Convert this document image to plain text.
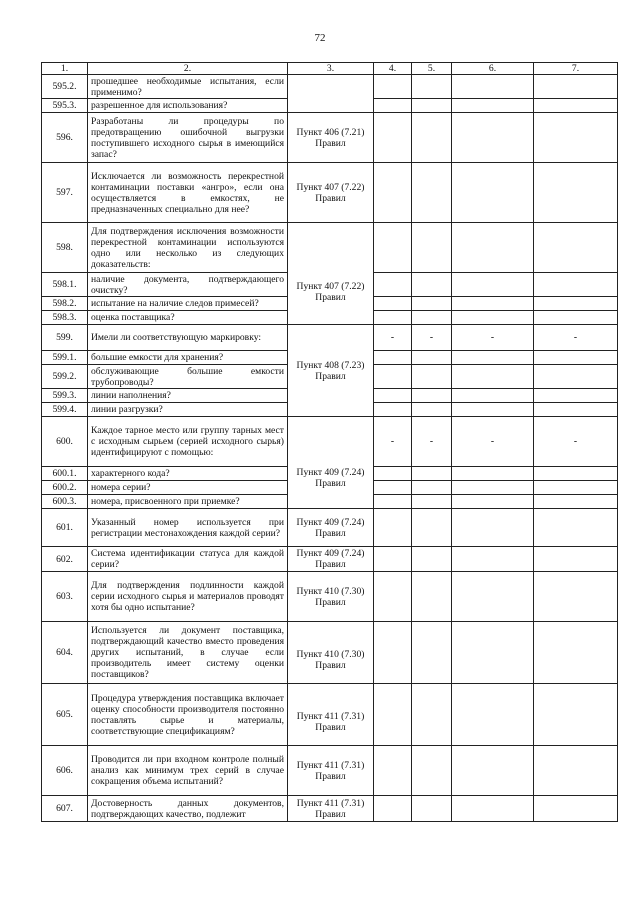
72
1.	2.	3.	4.	5.	6.	7.
595.2.	прошедшее необходимые испытания, если применимо?					
595.3.	разрешенное для использования?					
596.	Разработаны ли процедуры по предотвращению ошибочной выгрузки поступившего исходного сырья в имеющийся запас?	Пункт 406 (7.21) Правил				
597.	Исключается ли возможность перекрестной контаминации поставки «ангро», если она осуществляется в емкостях, не предназначенных специально для нее?	Пункт 407 (7.22) Правил				
598.	Для подтверждения исключения возможности перекрестной контаминации используются одно или несколько из следующих доказательств:	Пункт 407 (7.22) Правил				
598.1.	наличие документа, подтверждающего очистку?					
598.2.	испытание на наличие следов примесей?					
598.3.	оценка поставщика?					
599.	Имели ли соответствующую маркировку:	Пункт 408 (7.23) Правил	-	-	-	-
599.1.	большие емкости для хранения?					
599.2.	обслуживающие большие емкости трубопроводы?					
599.3.	линии наполнения?					
599.4.	линии разгрузки?					
600.	Каждое тарное место или группу тарных мест с исходным сырьем (серией исходного сырья) идентифицируют с помощью:	Пункт 409 (7.24) Правил	-	-	-	-
600.1.	характерного кода?					
600.2.	номера серии?					
600.3.	номера, присвоенного при приемке?					
601.	Указанный номер используется при регистрации местонахождения каждой серии?	Пункт 409 (7.24) Правил				
602.	Система идентификации статуса для каждой серии?	Пункт 409 (7.24) Правил				
603.	Для подтверждения подлинности каждой серии исходного сырья и материалов проводят хотя бы одно испытание?	Пункт 410 (7.30) Правил				
604.	Используется ли документ поставщика, подтверждающий качество вместо проведения других испытаний, в случае если производитель имеет систему оценки поставщиков?	Пункт 410 (7.30) Правил				
605.	Процедура утверждения поставщика включает оценку способности производителя постоянно поставлять сырье и материалы, соответствующие спецификациям?	Пункт 411 (7.31) Правил				
606.	Проводится ли при входном контроле полный анализ как минимум трех серий в случае сокращения объема испытаний?	Пункт 411 (7.31) Правил				
607.	Достоверность данных документов, подтверждающих качество, подлежит	Пункт 411 (7.31) Правил				
